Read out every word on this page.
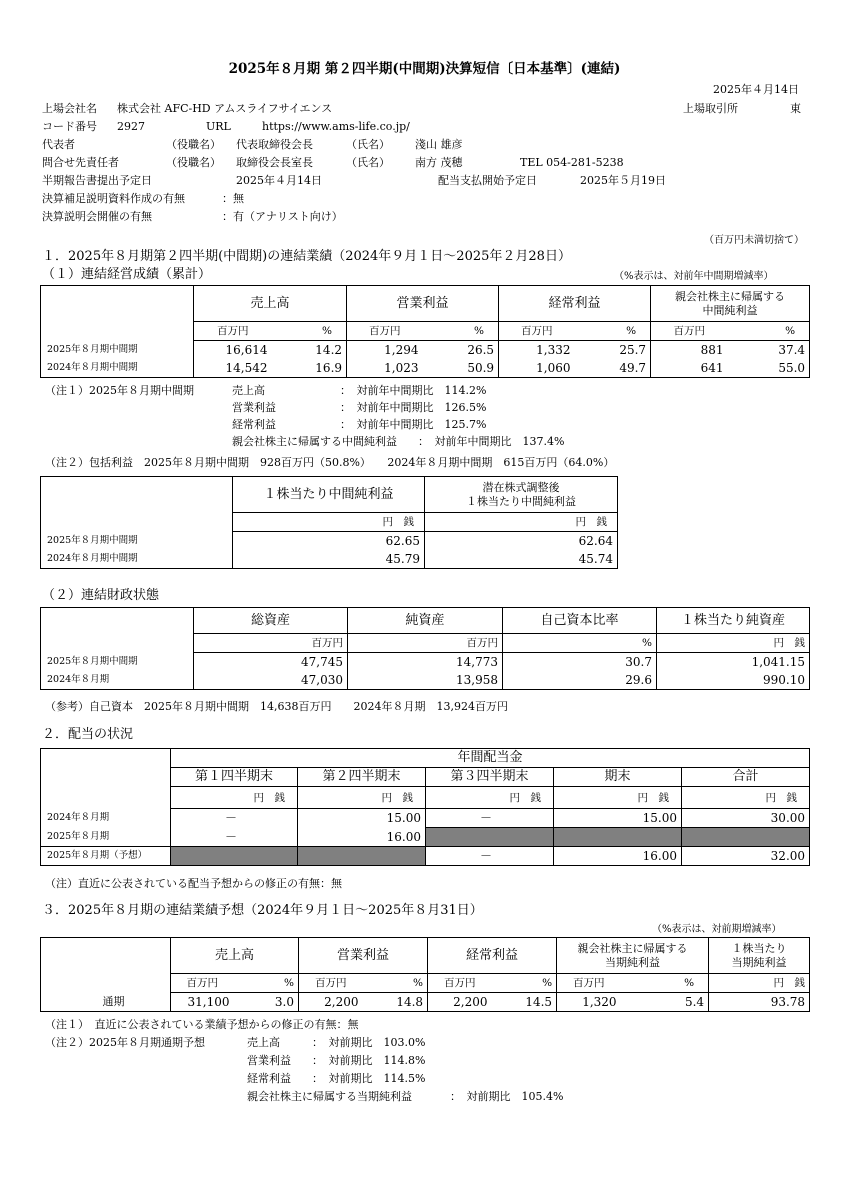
2025年８月期 第２四半期(中間期)決算短信〔日本基準〕(連結)
2025年４月14日
上場会社名 株式会社 AFC-HD アムスライフサイエンス	上場取引所	東
コード番号 2927	URL	https://www.ams-life.co.jp/
代表者	（役職名） 代表取締役会長	（氏名） 淺山 雄彦
問合せ先責任者	（役職名） 取締役会長室長	（氏名） 南方 茂穂	TEL 054-281-5238
半期報告書提出予定日	2025年４月14日	配当支払開始予定日	2025年５月19日
決算補足説明資料作成の有無	：無
決算説明会開催の有無	：有（アナリスト向け）
（百万円未満切捨て）
１．2025年８月期第２四半期(中間期)の連結業績（2024年９月１日～2025年２月28日）
（１）連結経営成績（累計）	（%表示は、対前年中間期増減率）
	売上高		営業利益		経常利益		親会社株主に帰属する
中間純利益	
	百万円	%	百万円	%	百万円	%	百万円	%
2025年８月期中間期	16,614	14.2	1,294	26.5	1,332	25.7	881	37.4
2024年８月期中間期	14,542	16.9	1,023	50.9	1,060	49.7	641	55.0
（注１）2025年８月期中間期	売上高	：　対前年中間期比　114.2%
営業利益	：　対前年中間期比　126.5%
経常利益	：　対前年中間期比　125.7%
親会社株主に帰属する中間純利益 ：　対前年中間期比　137.4%
（注２）包括利益　2025年８月期中間期　928百万円（50.8%）　　2024年８月期中間期　615百万円（64.0%）
	１株当たり中間純利益	潜在株式調整後
１株当たり中間純利益
	円　 銭	円　 銭
2025年８月期中間期	62.65	62.64
2024年８月期中間期	45.79	45.74
（２）連結財政状態
	総資産	純資産	自己資本比率	１株当たり純資産
	百万円	百万円	%	円　 銭
2025年８月期中間期	47,745	14,773	30.7	1,041.15
2024年８月期	47,030	13,958	29.6	990.10
（参考）自己資本　2025年８月期中間期　14,638百万円　　2024年８月期　13,924百万円
２．配当の状況
	年間配当金				
	第１四半期末	第２四半期末	第３四半期末	期末	合計
	円　 銭	円　 銭	円　 銭	円　 銭	円　 銭
2024年８月期	－	15.00	－	15.00	30.00
2025年８月期	－	16.00			
2025年８月期（予想）			－	16.00	32.00
（注）直近に公表されている配当予想からの修正の有無：無
３．2025年８月期の連結業績予想（2024年９月１日～2025年８月31日）
（%表示は、対前期増減率）
	売上高		営業利益		経常利益		親会社株主に帰属する
当期純利益		１株当たり
当期純利益
	百万円	%	百万円	%	百万円	%	百万円	%	円　 銭
通期	31,100	3.0	2,200	14.8	2,200	14.5	1,320	5.4	93.78
（注１）　直近に公表されている業績予想からの修正の有無：無
（注２）2025年８月期通期予想	売上高	：　対前期比　103.0%
営業利益 ：　対前期比　114.8%
経常利益 ：　対前期比　114.5%
親会社株主に帰属する当期純利益	：　対前期比　105.4%
